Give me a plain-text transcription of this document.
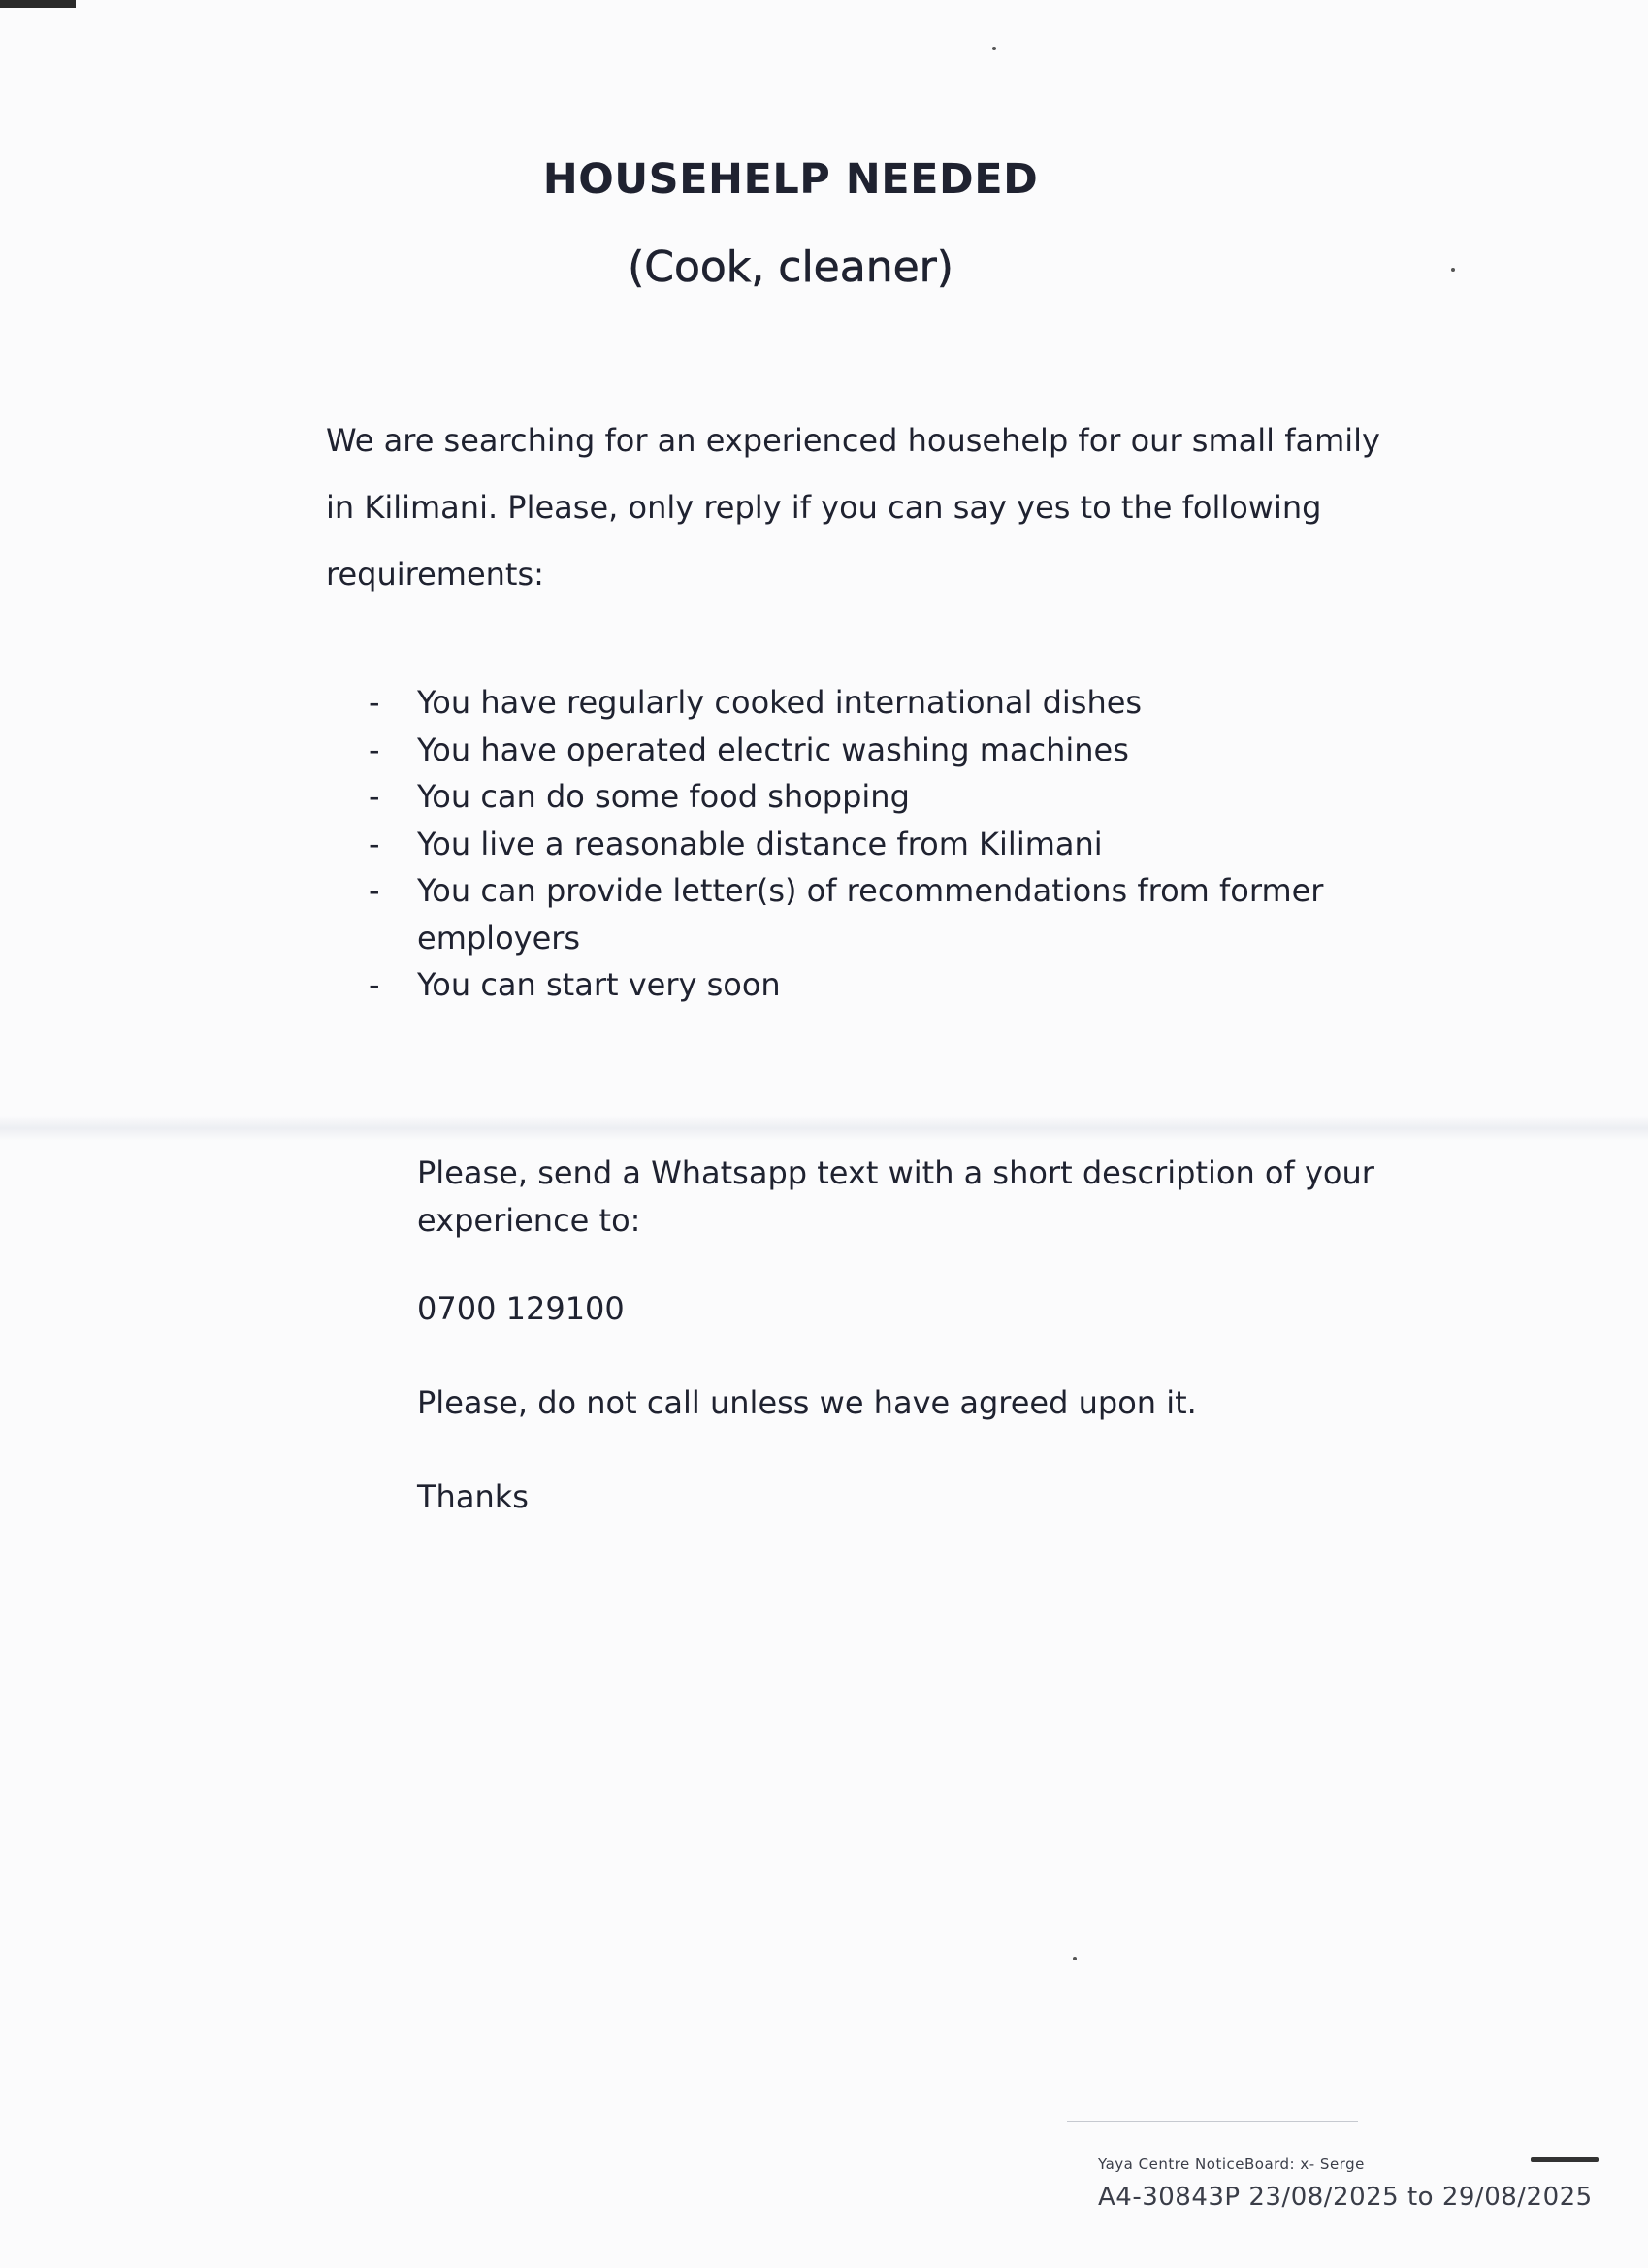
HOUSEHELP NEEDED
(Cook, cleaner)

We are searching for an experienced househelp for our small family in Kilimani. Please, only reply if you can say yes to the following requirements:

- You have regularly cooked international dishes
- You have operated electric washing machines
- You can do some food shopping
- You live a reasonable distance from Kilimani
- You can provide letter(s) of recommendations from former employers
- You can start very soon

Please, send a Whatsapp text with a short description of your experience to:

0700 129100

Please, do not call unless we have agreed upon it.

Thanks

Yaya Centre NoticeBoard: x- Serge
A4-30843P 23/08/2025 to 29/08/2025
